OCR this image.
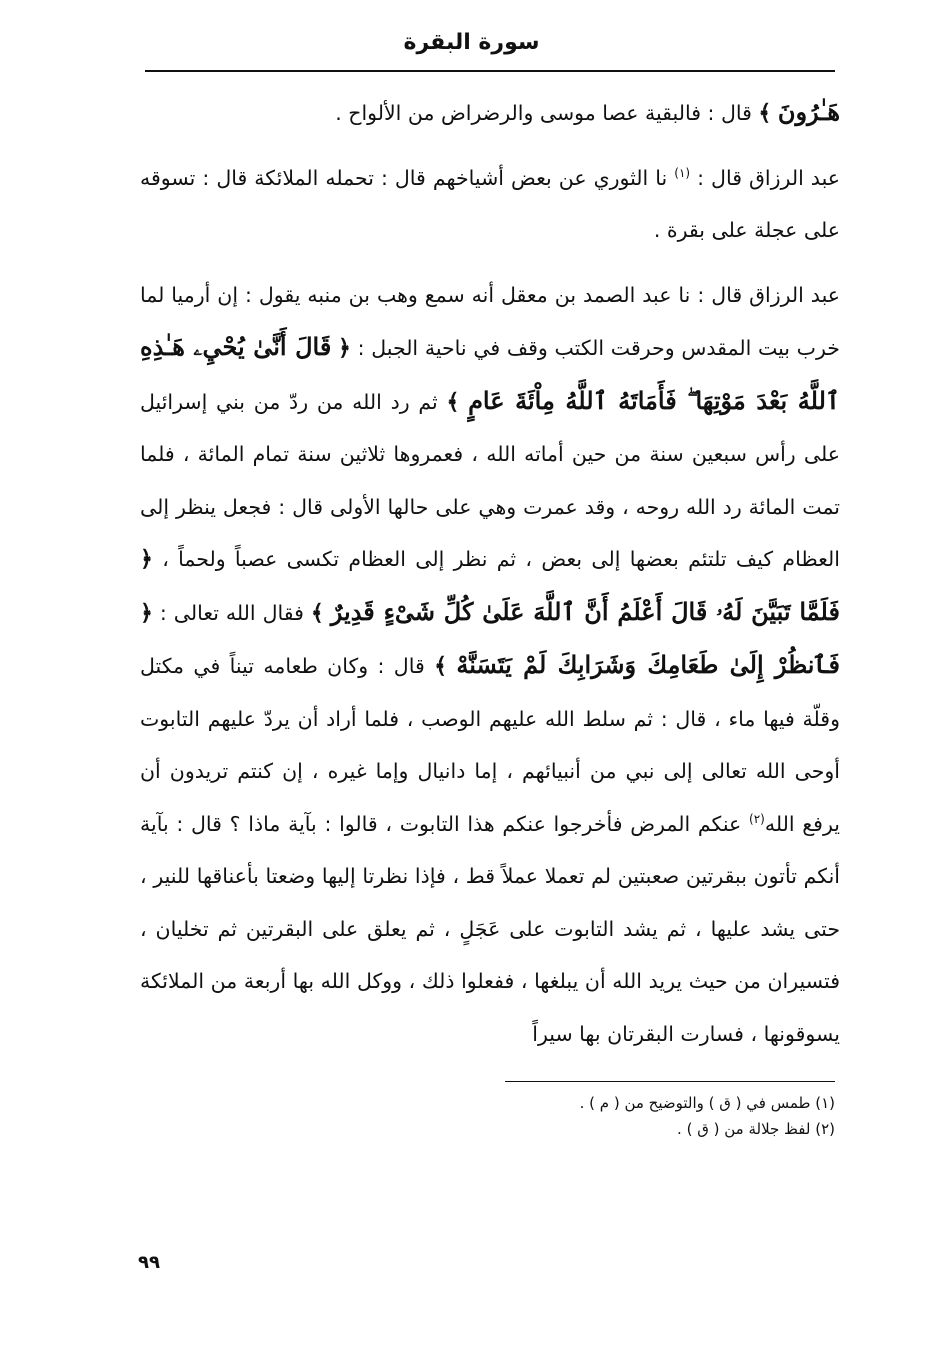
سورة البقرة

هَـٰرُونَ ﴾ قال : فالبقية عصا موسى والرضراض من الألواح .

عبد الرزاق قال : $^{(١)}$ نا الثوري عن بعض أشياخهم قال : تحمله الملائكة قال : تسوقه على عجلة على بقرة .

عبد الرزاق قال : نا عبد الصمد بن معقل أنه سمع وهب بن منبه يقول : إن أرميا لما خرب بيت المقدس وحرقت الكتب وقف في ناحية الجبل : ﴿ قَالَ أَنَّىٰ يُحْيِۦ هَـٰذِهِ ٱللَّهُ بَعْدَ مَوْتِهَا ۖ فَأَمَاتَهُ ٱللَّهُ مِاْئَةَ عَامٍ ﴾ ثم رد الله من ردّ من بني إسرائيل على رأس سبعين سنة من حين أماته الله ، فعمروها ثلاثين سنة تمام المائة ، فلما تمت المائة رد الله روحه ، وقد عمرت وهي على حالها الأولى قال : فجعل ينظر إلى العظام كيف تلتئم بعضها إلى بعض ، ثم نظر إلى العظام تكسى عصباً ولحماً ، ﴿ فَلَمَّا تَبَيَّنَ لَهُۥ قَالَ أَعْلَمُ أَنَّ ٱللَّهَ عَلَىٰ كُلِّ شَىْءٍ قَدِيرٌ ﴾ فقال الله تعالى : ﴿ فَٱنظُرْ إِلَىٰ طَعَامِكَ وَشَرَابِكَ لَمْ يَتَسَنَّهْ ﴾ قال : وكان طعامه تيناً في مكتل وقلّة فيها ماء ، قال : ثم سلط الله عليهم الوصب ، فلما أراد أن يردّ عليهم التابوت أوحى الله تعالى إلى نبي من أنبيائهم ، إما دانيال وإما غيره ، إن كنتم تريدون أن يرفع الله$^{(٢)}$ عنكم المرض فأخرجوا عنكم هذا التابوت ، قالوا : بآية ماذا ؟ قال : بآية أنكم تأتون ببقرتين صعبتين لم تعملا عملاً قط ، فإذا نظرتا إليها وضعتا بأعناقها للنير ، حتى يشد عليها ، ثم يشد التابوت على عَجَلٍ ، ثم يعلق على البقرتين ثم تخليان ، فتسيران من حيث يريد الله أن يبلغها ، ففعلوا ذلك ، ووكل الله بها أربعة من الملائكة يسوقونها ، فسارت البقرتان بها سيراً

(١) طمس في ( ق ) والتوضيح من ( م ) .
(٢) لفظ جلالة من ( ق ) .
٩٩
